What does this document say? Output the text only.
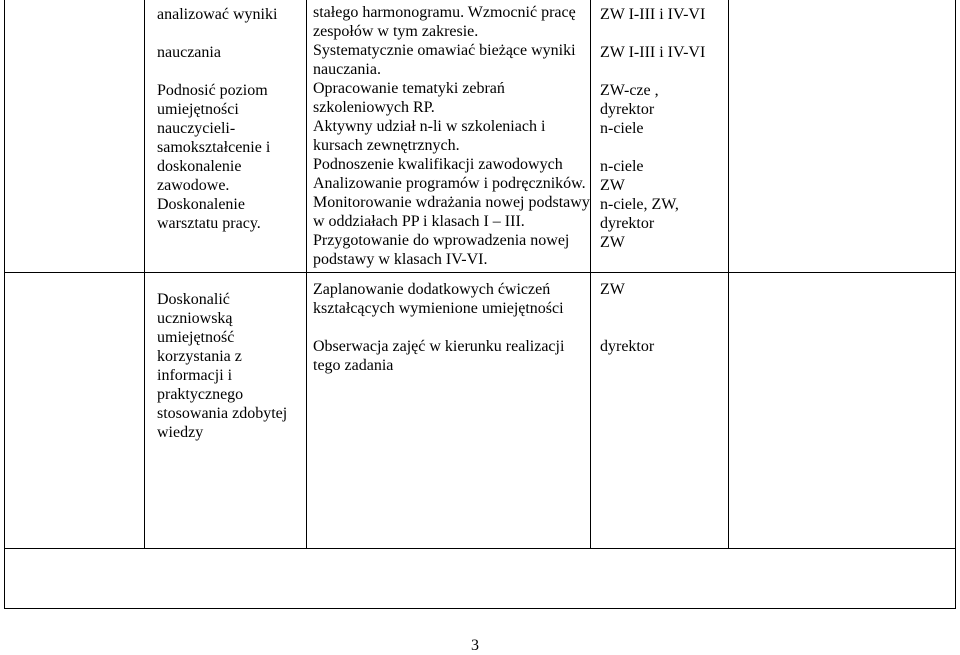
analizować wyniki
nauczania
Podnosić poziom
umiejętności
nauczycieli-
samokształcenie i
doskonalenie
zawodowe.
Doskonalenie
warsztatu pracy.
stałego harmonogramu. Wzmocnić pracę
zespołów w tym zakresie.
Systematycznie omawiać bieżące wyniki
nauczania.
Opracowanie tematyki zebrań
szkoleniowych RP.
Aktywny udział n-li w szkoleniach i
kursach zewnętrznych.
Podnoszenie kwalifikacji zawodowych
Analizowanie programów i podręczników.
Monitorowanie wdrażania nowej podstawy
w oddziałach PP i klasach I – III.
Przygotowanie do wprowadzenia nowej
podstawy w klasach IV-VI.
ZW I-III i IV-VI
ZW I-III i IV-VI
ZW-cze ,
dyrektor
n-ciele
n-ciele
ZW
n-ciele, ZW,
dyrektor
ZW
Doskonalić
uczniowską
umiejętność
korzystania z
informacji i
praktycznego
stosowania zdobytej
wiedzy
Zaplanowanie dodatkowych ćwiczeń
kształcących wymienione umiejętności
Obserwacja zajęć w kierunku realizacji
tego zadania
ZW
dyrektor
3
